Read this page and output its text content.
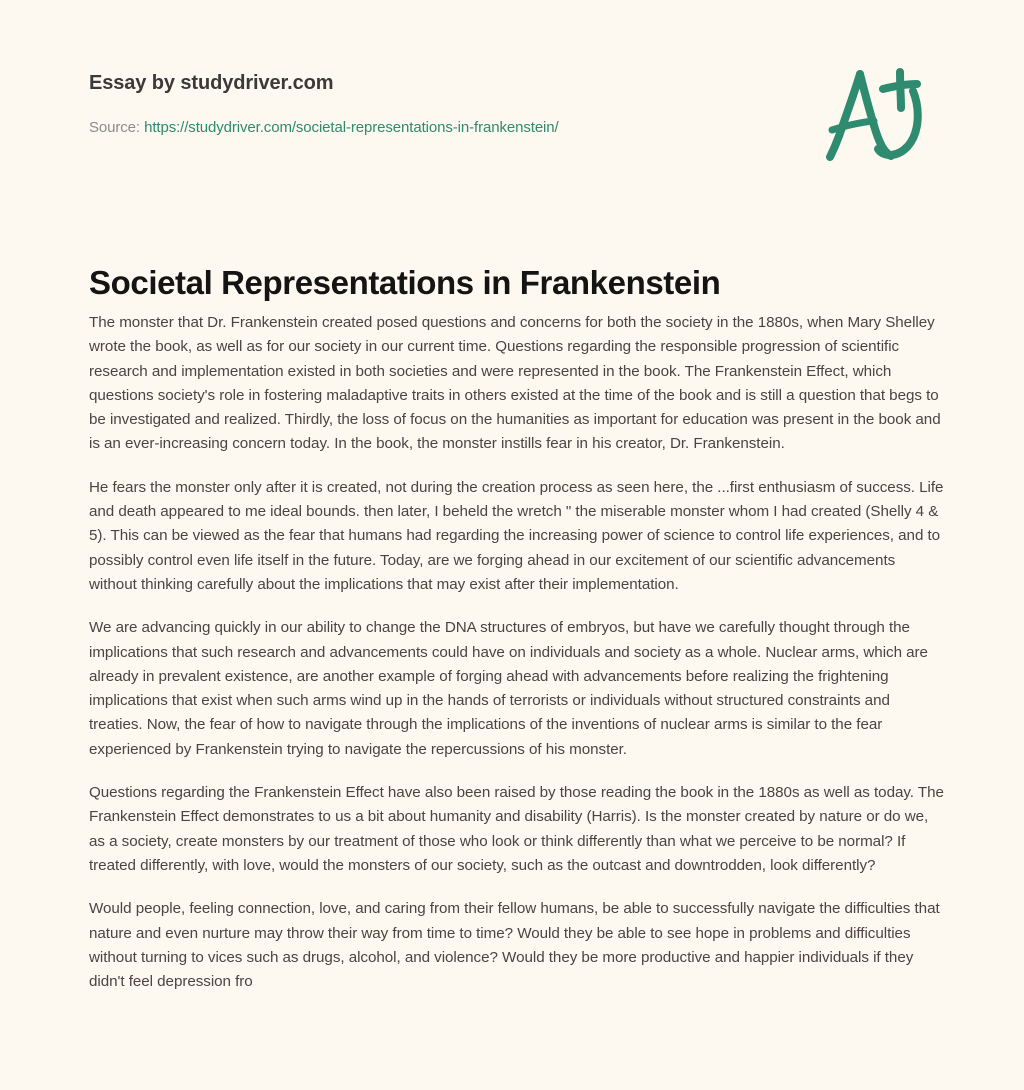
Essay by studydriver.com
Source: https://studydriver.com/societal-representations-in-frankenstein/
Societal Representations in Frankenstein

The monster that Dr. Frankenstein created posed questions and concerns for both the society in the 1880s, when Mary Shelley wrote the book, as well as for our society in our current time. Questions regarding the responsible progression of scientific research and implementation existed in both societies and were represented in the book. The Frankenstein Effect, which questions society's role in fostering maladaptive traits in others existed at the time of the book and is still a question that begs to be investigated and realized. Thirdly, the loss of focus on the humanities as important for education was present in the book and is an ever-increasing concern today. In the book, the monster instills fear in his creator, Dr. Frankenstein.

He fears the monster only after it is created, not during the creation process as seen here, the ...first enthusiasm of success. Life and death appeared to me ideal bounds. then later, I beheld the wretch " the miserable monster whom I had created (Shelly 4 & 5). This can be viewed as the fear that humans had regarding the increasing power of science to control life experiences, and to possibly control even life itself in the future. Today, are we forging ahead in our excitement of our scientific advancements without thinking carefully about the implications that may exist after their implementation.

We are advancing quickly in our ability to change the DNA structures of embryos, but have we carefully thought through the implications that such research and advancements could have on individuals and society as a whole. Nuclear arms, which are already in prevalent existence, are another example of forging ahead with advancements before realizing the frightening implications that exist when such arms wind up in the hands of terrorists or individuals without structured constraints and treaties. Now, the fear of how to navigate through the implications of the inventions of nuclear arms is similar to the fear experienced by Frankenstein trying to navigate the repercussions of his monster.

Questions regarding the Frankenstein Effect have also been raised by those reading the book in the 1880s as well as today. The Frankenstein Effect demonstrates to us a bit about humanity and disability (Harris). Is the monster created by nature or do we, as a society, create monsters by our treatment of those who look or think differently than what we perceive to be normal? If treated differently, with love, would the monsters of our society, such as the outcast and downtrodden, look differently?

Would people, feeling connection, love, and caring from their fellow humans, be able to successfully navigate the difficulties that nature and even nurture may throw their way from time to time? Would they be able to see hope in problems and difficulties without turning to vices such as drugs, alcohol, and violence? Would they be more productive and happier individuals if they didn't feel depression fro
